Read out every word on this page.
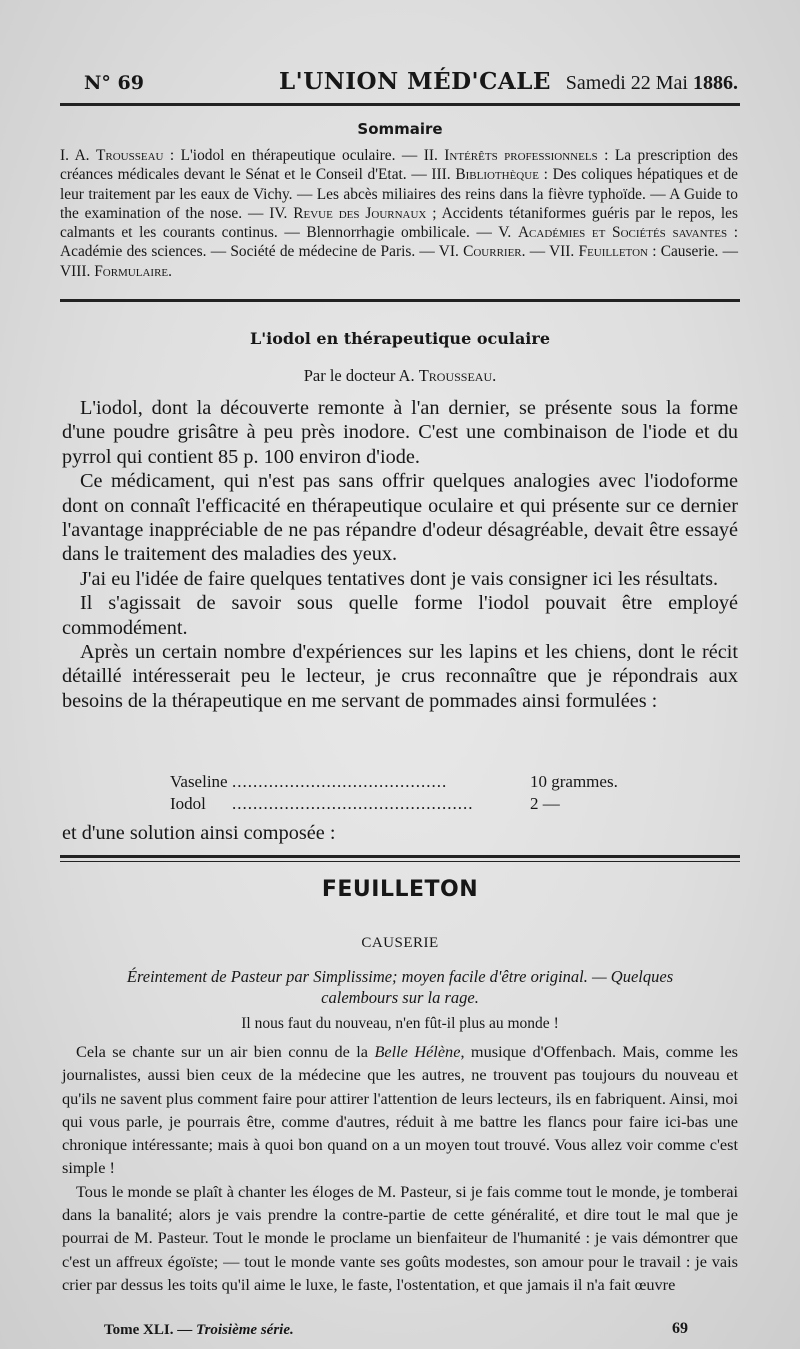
N° 69	L'UNION MÉD'CALE Samedi 22 Mai 1886.
Sommaire
I. A. Trousseau : L'iodol en thérapeutique oculaire. — II. Intérêts professionnels : La prescription des créances médicales devant le Sénat et le Conseil d'Etat. — III. Bibliothèque : Des coliques hépatiques et de leur traitement par les eaux de Vichy. — Les abcès miliaires des reins dans la fièvre typhoïde. — A Guide to the examination of the nose. — IV. Revue des Journaux ; Accidents tétaniformes guéris par le repos, les calmants et les courants continus. — Blennorrhagie ombilicale. — V. Académies et Sociétés savantes : Académie des sciences. — Société de médecine de Paris. — VI. Courrier. — VII. Feuilleton : Causerie. — VIII. Formulaire.
L'iodol en thérapeutique oculaire
Par le docteur A. Trousseau.

L'iodol, dont la découverte remonte à l'an dernier, se présente sous la forme d'une poudre grisâtre à peu près inodore. C'est une combinaison de l'iode et du pyrrol qui contient 85 p. 100 environ d'iode.

Ce médicament, qui n'est pas sans offrir quelques analogies avec l'iodoforme dont on connaît l'efficacité en thérapeutique oculaire et qui présente sur ce dernier l'avantage inappréciable de ne pas répandre d'odeur désagréable, devait être essayé dans le traitement des maladies des yeux.

J'ai eu l'idée de faire quelques tentatives dont je vais consigner ici les résultats.

Il s'agissait de savoir sous quelle forme l'iodol pouvait être employé commodément.

Après un certain nombre d'expériences sur les lapins et les chiens, dont le récit détaillé intéresserait peu le lecteur, je crus reconnaître que je répondrais aux besoins de la thérapeutique en me servant de pommades ainsi formulées :

Vaseline .........................................	10 grammes.
Iodol ..............................................	2 —
et d'une solution ainsi composée :
FEUILLETON
CAUSERIE
Éreintement de Pasteur par Simplissime; moyen facile d'être original. — Quelques calembours sur la rage.
Il nous faut du nouveau, n'en fût-il plus au monde !

Cela se chante sur un air bien connu de la Belle Hélène, musique d'Offenbach. Mais, comme les journalistes, aussi bien ceux de la médecine que les autres, ne trouvent pas toujours du nouveau et qu'ils ne savent plus comment faire pour attirer l'attention de leurs lecteurs, ils en fabriquent. Ainsi, moi qui vous parle, je pourrais être, comme d'autres, réduit à me battre les flancs pour faire ici-bas une chronique intéressante; mais à quoi bon quand on a un moyen tout trouvé. Vous allez voir comme c'est simple !

Tous le monde se plaît à chanter les éloges de M. Pasteur, si je fais comme tout le monde, je tomberai dans la banalité; alors je vais prendre la contre-partie de cette généralité, et dire tout le mal que je pourrai de M. Pasteur. Tout le monde le proclame un bienfaiteur de l'humanité : je vais démontrer que c'est un affreux égoïste; — tout le monde vante ses goûts modestes, son amour pour le travail : je vais crier par dessus les toits qu'il aime le luxe, le faste, l'ostentation, et que jamais il n'a fait œuvre

Tome XLI. — Troisième série.	69
